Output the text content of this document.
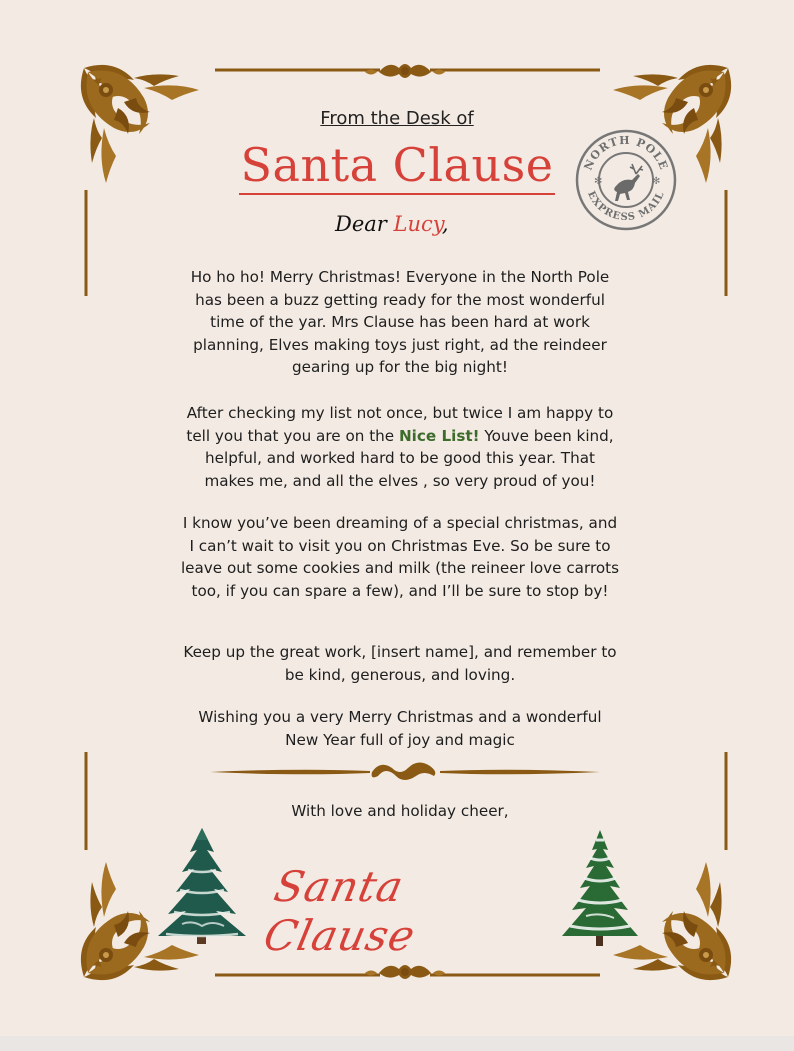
NORTH POLE
EXPRESS MAIL
✻	✻
From the Desk of
Santa Clause
Dear Lucy,
Ho ho ho! Merry Christmas! Everyone in the North Pole has been a buzz getting ready for the most wonderful time of the yar. Mrs Clause has been hard at work planning, Elves making toys just right, ad the reindeer gearing up for the big night!
After checking my list not once, but twice I am happy to tell you that you are on the Nice List! Youve been kind, helpful, and worked hard to be good this year. That makes me, and all the elves , so very proud of you!
I know you’ve been dreaming of a special christmas, and I can’t wait to visit you on Christmas Eve. So be sure to leave out some cookies and milk (the reineer love carrots too, if you can spare a few), and I’ll be sure to stop by!
Keep up the great work, [insert name], and remember to be kind, generous, and loving.
Wishing you a very Merry Christmas and a wonderful New Year full of joy and magic
With love and holiday cheer,
Santa Clause
